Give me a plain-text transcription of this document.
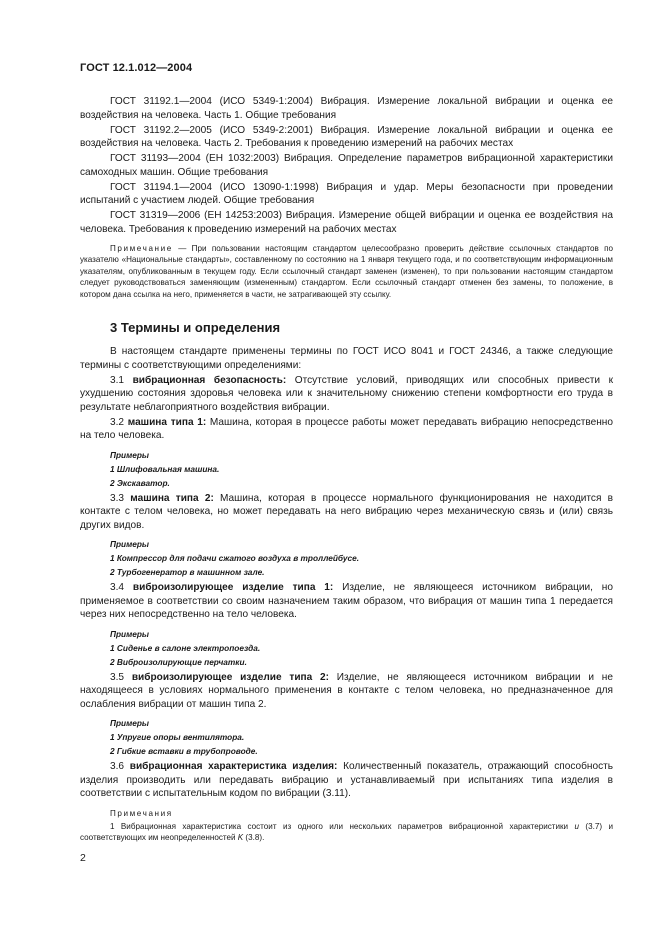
ГОСТ 12.1.012—2004

ГОСТ 31192.1—2004 (ИСО 5349-1:2004) Вибрация. Измерение локальной вибрации и оценка ее воздействия на человека. Часть 1. Общие требования

ГОСТ 31192.2—2005 (ИСО 5349-2:2001) Вибрация. Измерение локальной вибрации и оценка ее воздействия на человека. Часть 2. Требования к проведению измерений на рабочих местах

ГОСТ 31193—2004 (ЕН 1032:2003) Вибрация. Определение параметров вибрационной характеристики самоходных машин. Общие требования

ГОСТ 31194.1—2004 (ИСО 13090-1:1998) Вибрация и удар. Меры безопасности при проведении испытаний с участием людей. Общие требования

ГОСТ 31319—2006 (ЕН 14253:2003) Вибрация. Измерение общей вибрации и оценка ее воздействия на человека. Требования к проведению измерений на рабочих местах

Примечание — При пользовании настоящим стандартом целесообразно проверить действие ссылочных стандартов по указателю «Национальные стандарты», составленному по состоянию на 1 января текущего года, и по соответствующим информационным указателям, опубликованным в текущем году. Если ссылочный стандарт заменен (изменен), то при пользовании настоящим стандартом следует руководствоваться заменяющим (измененным) стандартом. Если ссылочный стандарт отменен без замены, то положение, в котором дана ссылка на него, применяется в части, не затрагивающей эту ссылку.

3 Термины и определения

В настоящем стандарте применены термины по ГОСТ ИСО 8041 и ГОСТ 24346, а также следующие термины с соответствующими определениями:

3.1 вибрационная безопасность: Отсутствие условий, приводящих или способных привести к ухудшению состояния здоровья человека или к значительному снижению степени комфортности его труда в результате неблагоприятного воздействия вибрации.

3.2 машина типа 1: Машина, которая в процессе работы может передавать вибрацию непосредственно на тело человека.

Примеры
1 Шлифовальная машина.
2 Экскаватор.

3.3 машина типа 2: Машина, которая в процессе нормального функционирования не находится в контакте с телом человека, но может передавать на него вибрацию через механическую связь и (или) связь других видов.

Примеры
1 Компрессор для подачи сжатого воздуха в троллейбусе.
2 Турбогенератор в машинном зале.

3.4 виброизолирующее изделие типа 1: Изделие, не являющееся источником вибрации, но применяемое в соответствии со своим назначением таким образом, что вибрация от машин типа 1 передается через них непосредственно на тело человека.

Примеры
1 Сиденье в салоне электропоезда.
2 Виброизолирующие перчатки.

3.5 виброизолирующее изделие типа 2: Изделие, не являющееся источником вибрации и не находящееся в условиях нормального применения в контакте с телом человека, но предназначенное для ослабления вибрации от машин типа 2.

Примеры
1 Упругие опоры вентилятора.
2 Гибкие вставки в трубопроводе.

3.6 вибрационная характеристика изделия: Количественный показатель, отражающий способность изделия производить или передавать вибрацию и устанавливаемый при испытаниях типа изделия в соответствии с испытательным кодом по вибрации (3.11).

Примечания

1 Вибрационная характеристика состоит из одного или нескольких параметров вибрационной характеристики u (3.7) и соответствующих им неопределенностей K (3.8).

2
